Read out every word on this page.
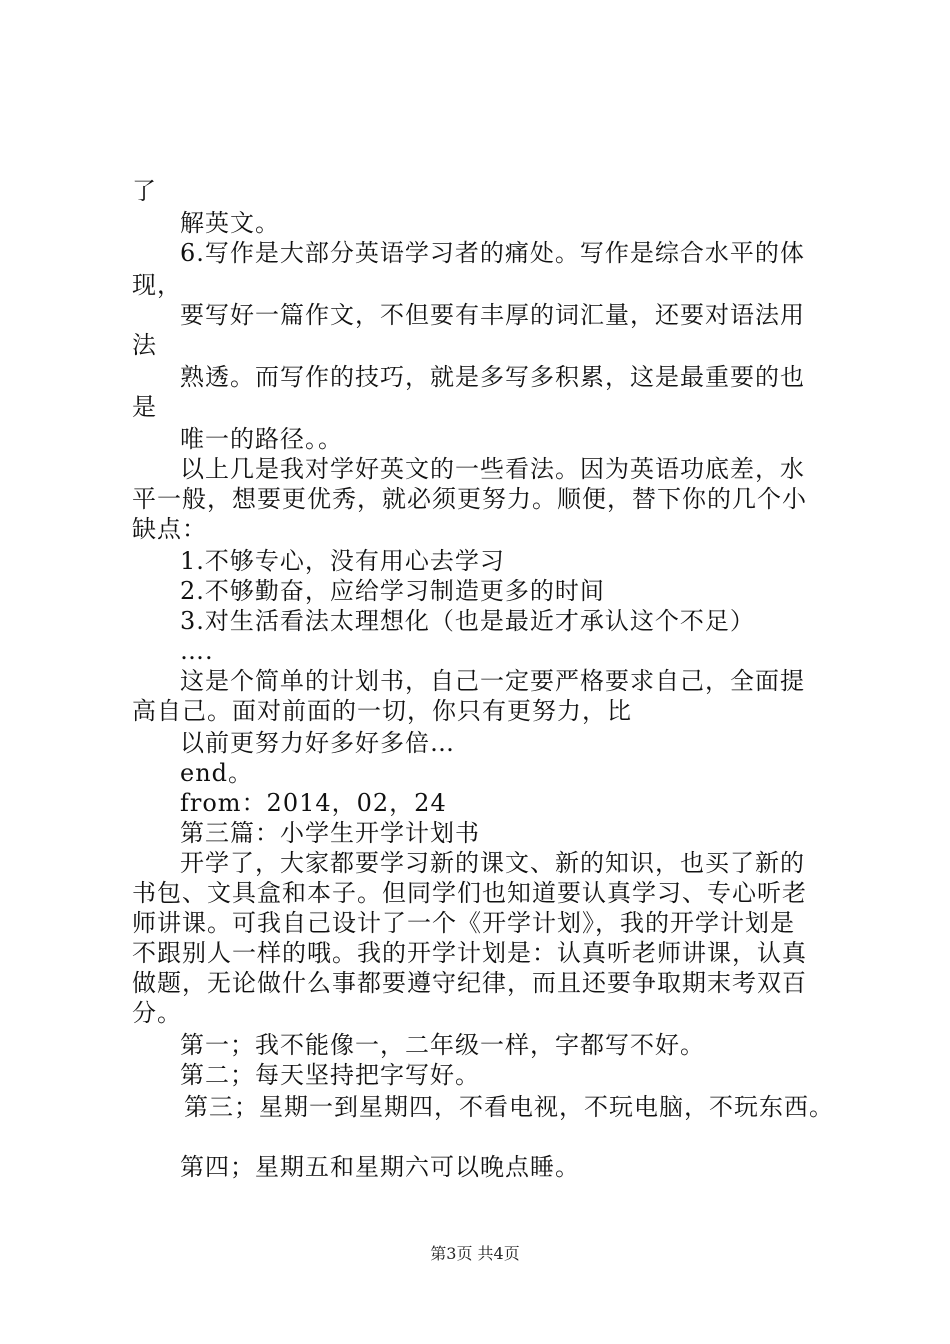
了
解英文。
6.写作是大部分英语学习者的痛处。写作是综合水平的体
现，
要写好一篇作文，不但要有丰厚的词汇量，还要对语法用
法
熟透。而写作的技巧，就是多写多积累，这是最重要的也
是
唯一的路径。。
以上几是我对学好英文的一些看法。因为英语功底差，水
平一般，想要更优秀，就必须更努力。顺便，替下你的几个小
缺点：
1.不够专心，没有用心去学习
2.不够勤奋，应给学习制造更多的时间
3.对生活看法太理想化（也是最近才承认这个不足）
….
这是个简单的计划书，自己一定要严格要求自己，全面提
高自己。面对前面的一切，你只有更努力，比
以前更努力好多好多倍…
end。
from：2014，02，24
第三篇：小学生开学计划书
开学了，大家都要学习新的课文、新的知识，也买了新的
书包、文具盒和本子。但同学们也知道要认真学习、专心听老
师讲课。可我自己设计了一个《开学计划》，我的开学计划是
不跟别人一样的哦。我的开学计划是：认真听老师讲课，认真
做题，无论做什么事都要遵守纪律，而且还要争取期末考双百
分。
第一；我不能像一，二年级一样，字都写不好。
第二；每天坚持把字写好。
第三；星期一到星期四，不看电视，不玩电脑，不玩东西。
第四；星期五和星期六可以晚点睡。
第3页 共4页
